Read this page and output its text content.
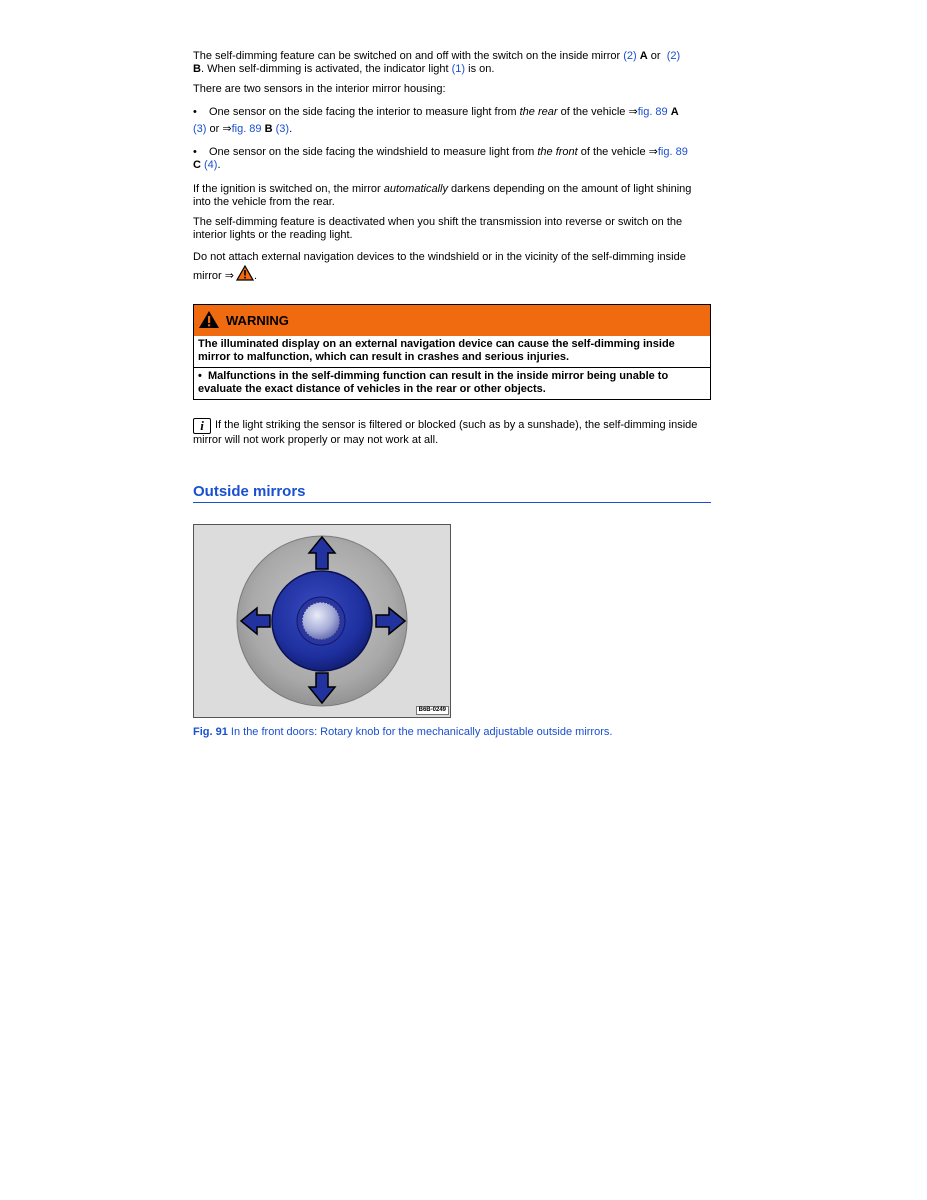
The self-dimming feature can be switched on and off with the switch on the inside mirror (2) A or (2)
B. When self-dimming is activated, the indicator light (1) is on.

There are two sensors in the interior mirror housing:

•	One sensor on the side facing the interior to measure light from the rear of the vehicle ⇒fig. 89 A

(3) or ⇒fig. 89 B (3).

•	One sensor on the side facing the windshield to measure light from the front of the vehicle ⇒fig. 89

C (4).

If the ignition is switched on, the mirror automatically darkens depending on the amount of light shining into the vehicle from the rear.

The self-dimming feature is deactivated when you shift the transmission into reverse or switch on the interior lights or the reading light.

Do not attach external navigation devices to the windshield or in the vicinity of the self-dimming inside mirror ⇒ .

WARNING

The illuminated display on an external navigation device can cause the self-dimming inside mirror to malfunction, which can result in crashes and serious injuries.

• Malfunctions in the self-dimming function can result in the inside mirror being unable to evaluate the exact distance of vehicles in the rear or other objects.

i If the light striking the sensor is filtered or blocked (such as by a sunshade), the self-dimming inside mirror will not work properly or may not work at all.
Outside mirrors
B6B-0249
Fig. 91 In the front doors: Rotary knob for the mechanically adjustable outside mirrors.
